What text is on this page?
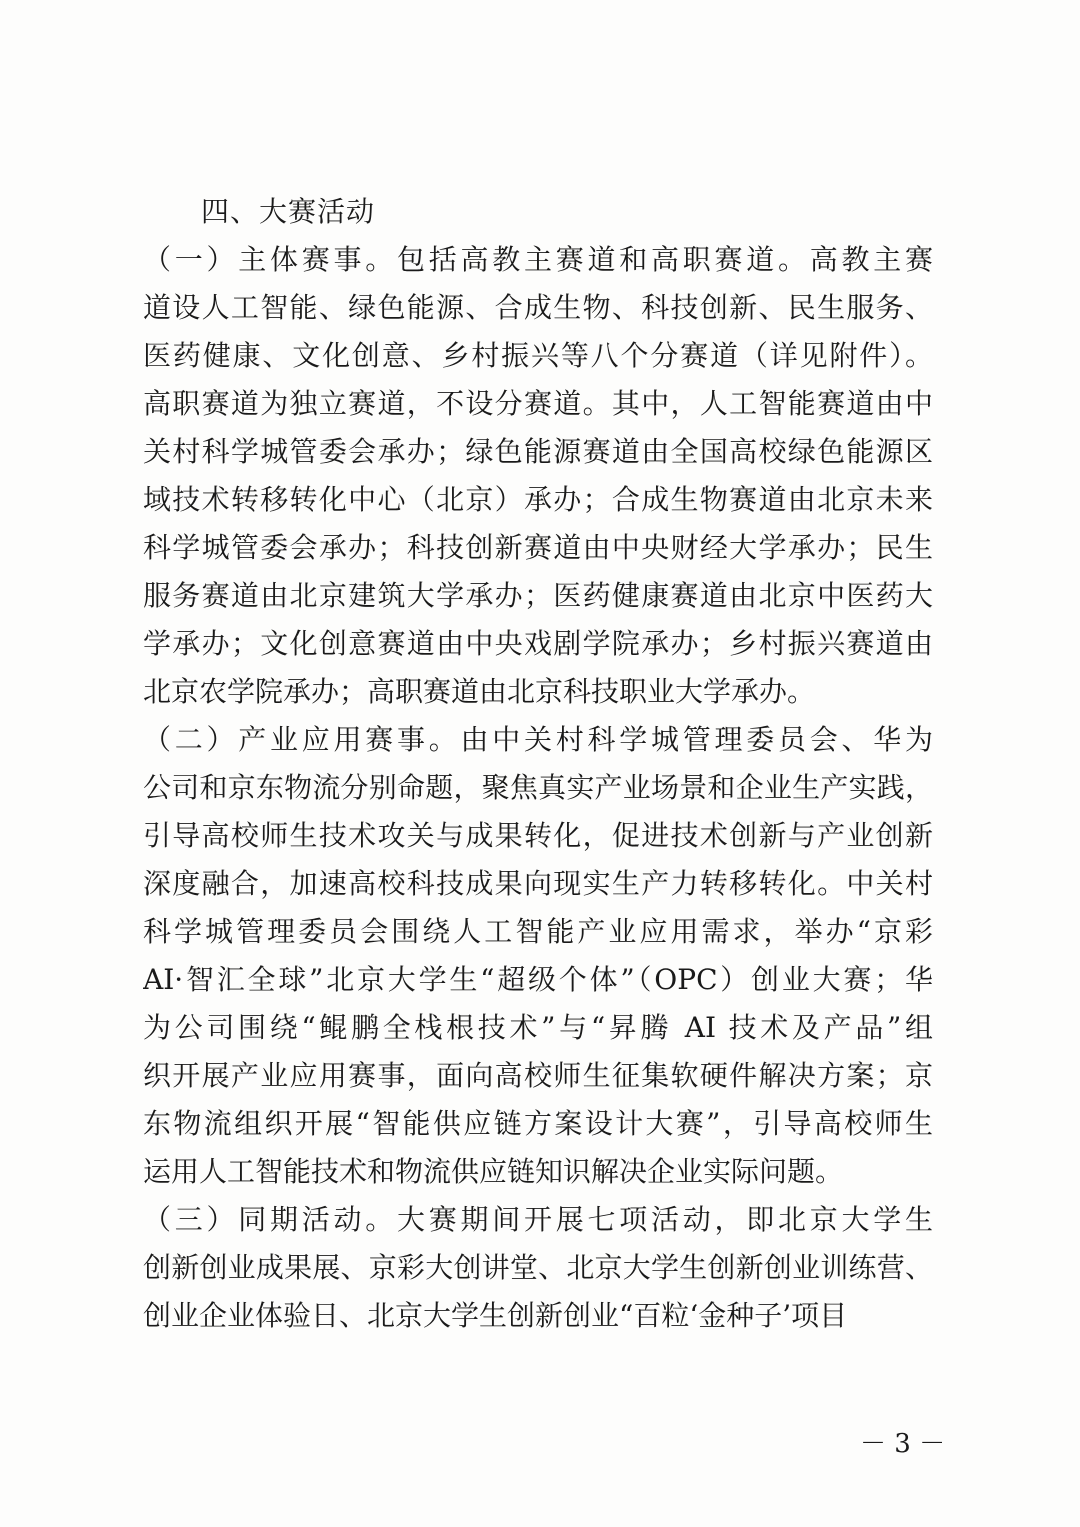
四、大赛活动
（一）主体赛事。包括高教主赛道和高职赛道。高教主赛
道设人工智能、绿色能源、合成生物、科技创新、民生服务、
医药健康、文化创意、乡村振兴等八个分赛道（详见附件）。
高职赛道为独立赛道，不设分赛道。其中，人工智能赛道由中
关村科学城管委会承办；绿色能源赛道由全国高校绿色能源区
域技术转移转化中心（北京）承办；合成生物赛道由北京未来
科学城管委会承办；科技创新赛道由中央财经大学承办；民生
服务赛道由北京建筑大学承办；医药健康赛道由北京中医药大
学承办；文化创意赛道由中央戏剧学院承办；乡村振兴赛道由
北京农学院承办；高职赛道由北京科技职业大学承办。
（二）产业应用赛事。由中关村科学城管理委员会、华为
公司和京东物流分别命题，聚焦真实产业场景和企业生产实践，
引导高校师生技术攻关与成果转化，促进技术创新与产业创新
深度融合，加速高校科技成果向现实生产力转移转化。中关村
科学城管理委员会围绕人工智能产业应用需求，举办“京彩
AI·智汇全球”北京大学生“超级个体”（OPC）创业大赛；华
为公司围绕“鲲鹏全栈根技术”与“昇腾 AI 技术及产品”组
织开展产业应用赛事，面向高校师生征集软硬件解决方案；京
东物流组织开展“智能供应链方案设计大赛”，引导高校师生
运用人工智能技术和物流供应链知识解决企业实际问题。
（三）同期活动。大赛期间开展七项活动，即北京大学生
创新创业成果展、京彩大创讲堂、北京大学生创新创业训练营、
创业企业体验日、北京大学生创新创业“百粒‘金种子’项目
－ 3 －
